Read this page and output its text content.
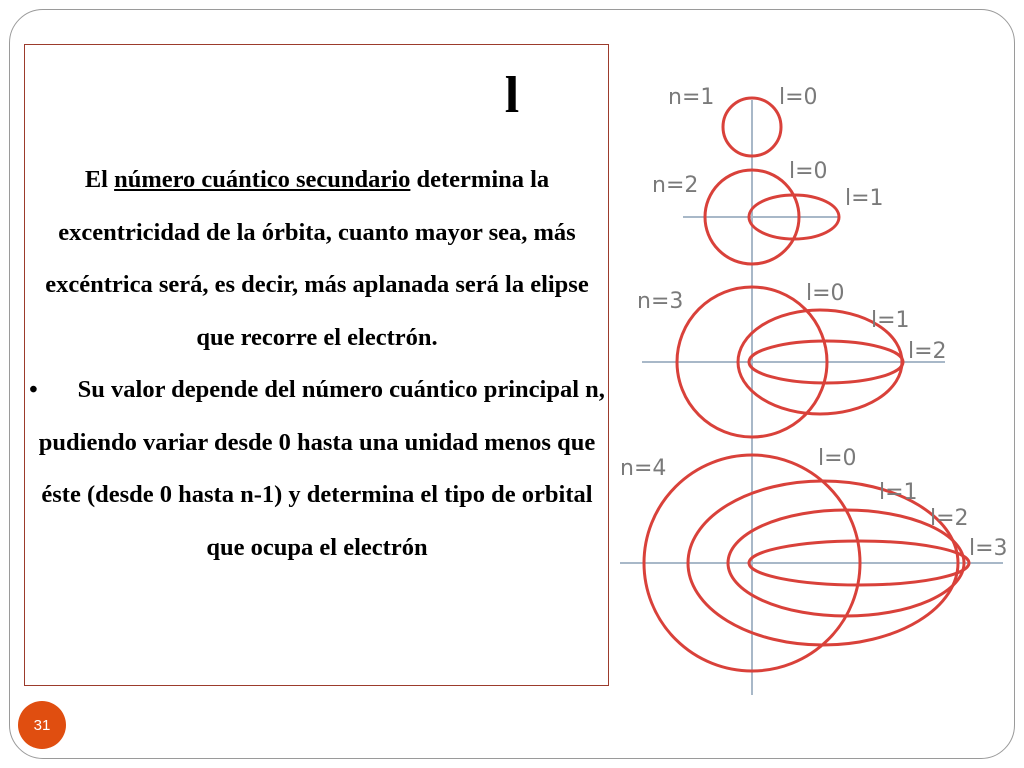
l
El número cuántico secundario determina la excentricidad de la órbita, cuanto mayor sea, más excéntrica será, es decir, más aplanada será la elipse que recorre el electrón.
• Su valor depende del número cuántico principal n, pudiendo variar desde 0 hasta una unidad menos que éste (desde 0 hasta n-1) y determina el tipo de orbital que ocupa el electrón
n=1	l=0
n=2
l=0
l=1
n=3	l=0
l=1
l=2
n=4	l=0
l=1
l=2
l=3
31
